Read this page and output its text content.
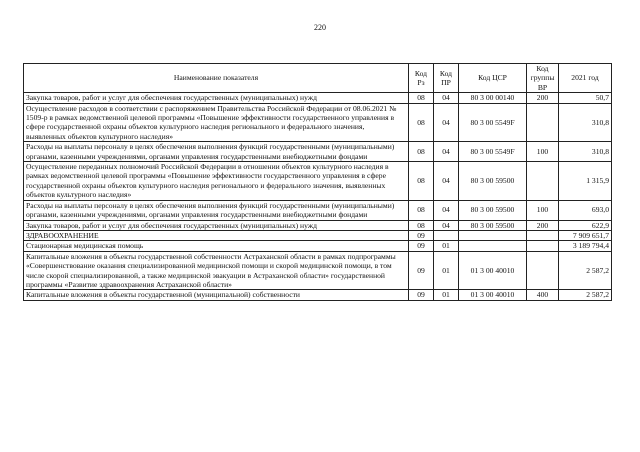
220
Наименование показателя	Код Рз	Код ПР	Код ЦСР	Код группы ВР	2021 год
Закупка товаров, работ и услуг для обеспечения государственных (муниципальных) нужд	08	04	80 3 00 00140	200	50,7
Осуществление расходов в соответствии с распоряжением Правительства Российской Федерации от 08.06.2021 № 1509-р в рамках ведомственной целевой программы «Повышение эффективности государственного управления в сфере государственной охраны объектов культурного наследия регионального и федерального значения, выявленных объектов культурного наследия»	08	04	80 3 00 5549F		310,8
Расходы на выплаты персоналу в целях обеспечения выполнения функций государственными (муниципальными) органами, казенными учреждениями, органами управления государственными внебюджетными фондами	08	04	80 3 00 5549F	100	310,8
Осуществление переданных полномочий Российской Федерации в отношении объектов культурного наследия в рамках ведомственной целевой программы «Повышение эффективности государственного управления в сфере государственной охраны объектов культурного наследия регионального и федерального значения, выявленных объектов культурного наследия»	08	04	80 3 00 59500		1 315,9
Расходы на выплаты персоналу в целях обеспечения выполнения функций государственными (муниципальными) органами, казенными учреждениями, органами управления государственными внебюджетными фондами	08	04	80 3 00 59500	100	693,0
Закупка товаров, работ и услуг для обеспечения государственных (муниципальных) нужд	08	04	80 3 00 59500	200	622,9
ЗДРАВООХРАНЕНИЕ	09				7 909 651,7
Стационарная медицинская помощь	09	01			3 189 794,4
Капитальные вложения в объекты государственной собственности Астраханской области в рамках подпрограммы «Совершенствование оказания специализированной медицинской помощи и скорой медицинской помощи, в том числе скорой специализированной, а также медицинской эвакуации в Астраханской области» государственной программы «Развитие здравоохранения Астраханской области»	09	01	01 3 00 40010		2 587,2
Капитальные вложения в объекты государственной (муниципальной) собственности	09	01	01 3 00 40010	400	2 587,2
